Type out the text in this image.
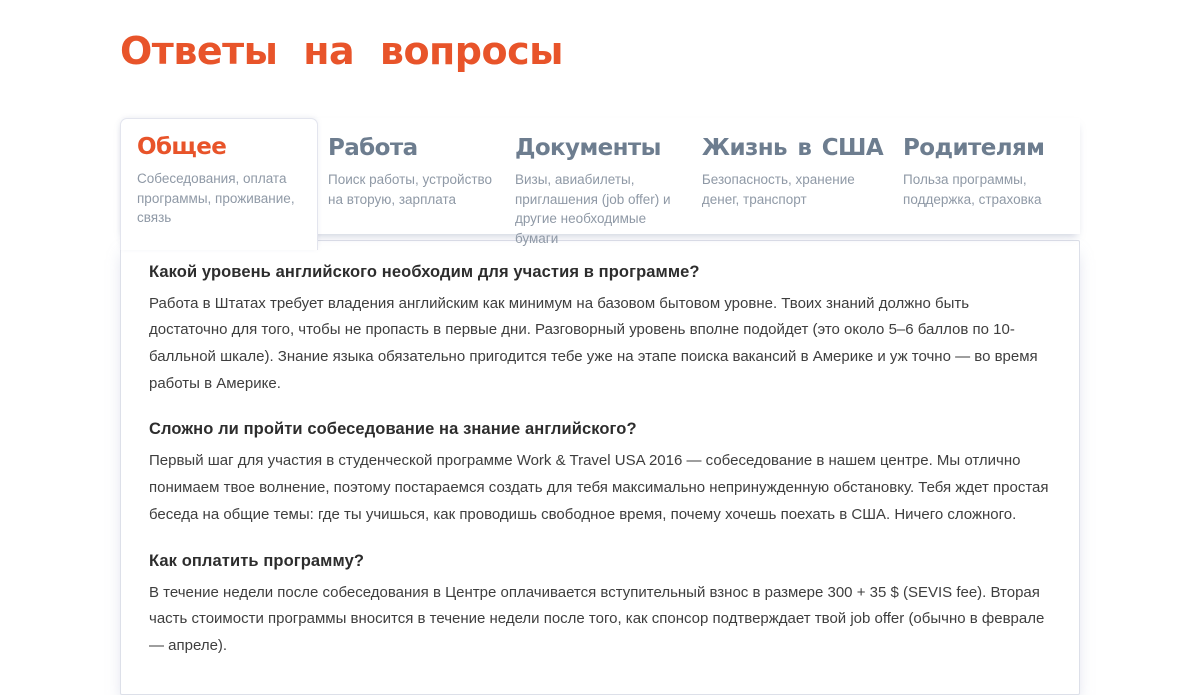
Ответы на вопросы
Общее
Собеседования, оплата программы, проживание, связь
Работа
Поиск работы, устройство на вторую, зарплата
Документы
Визы, авиабилеты, приглашения (job offer) и другие необходимые бумаги
Жизнь в США
Безопасность, хранение денег, транспорт
Родителям
Польза программы, поддержка, страховка
Какой уровень английского необходим для участия в программе?

Работа в Штатах требует владения английским как минимум на базовом бытовом уровне. Твоих знаний должно быть достаточно для того, чтобы не пропасть в первые дни. Разговорный уровень вполне подойдет (это около 5–6 баллов по 10-балльной шкале). Знание языка обязательно пригодится тебе уже на этапе поиска вакансий в Америке и уж точно — во время работы в Америке.

Сложно ли пройти собеседование на знание английского?

Первый шаг для участия в студенческой программе Work & Travel USA 2016 — собеседование в нашем центре. Мы отлично понимаем твое волнение, поэтому постараемся создать для тебя максимально непринужденную обстановку. Тебя ждет простая беседа на общие темы: где ты учишься, как проводишь свободное время, почему хочешь поехать в США. Ничего сложного.

Как оплатить программу?

В течение недели после собеседования в Центре оплачивается вступительный взнос в размере 300 + 35 $ (SEVIS fee). Вторая часть стоимости программы вносится в течение недели после того, как спонсор подтверждает твой job offer (обычно в феврале — апреле).
